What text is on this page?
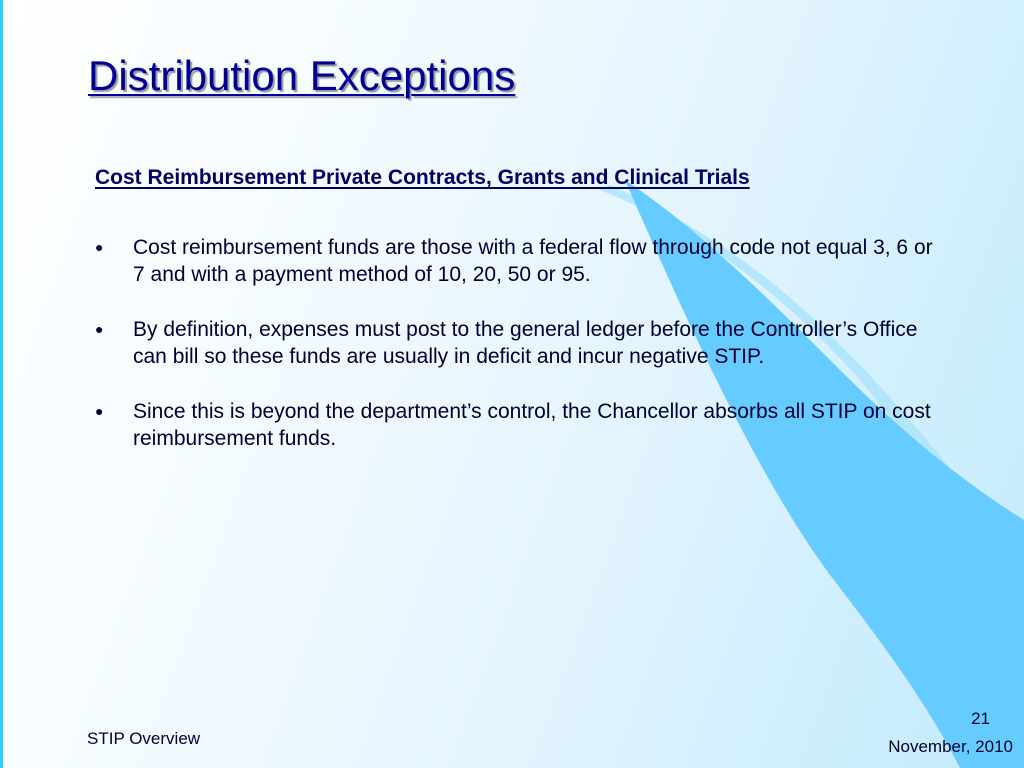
Distribution Exceptions
Cost Reimbursement Private Contracts, Grants and Clinical Trials
● Cost reimbursement funds are those with a federal flow through code not equal 3, 6 or 7 and with a payment method of 10, 20, 50 or 95.
● By definition, expenses must post to the general ledger before the Controller’s Office can bill so these funds are usually in deficit and incur negative STIP.
● Since this is beyond the department’s control, the Chancellor absorbs all STIP on cost reimbursement funds.
STIP Overview
21
November, 2010
